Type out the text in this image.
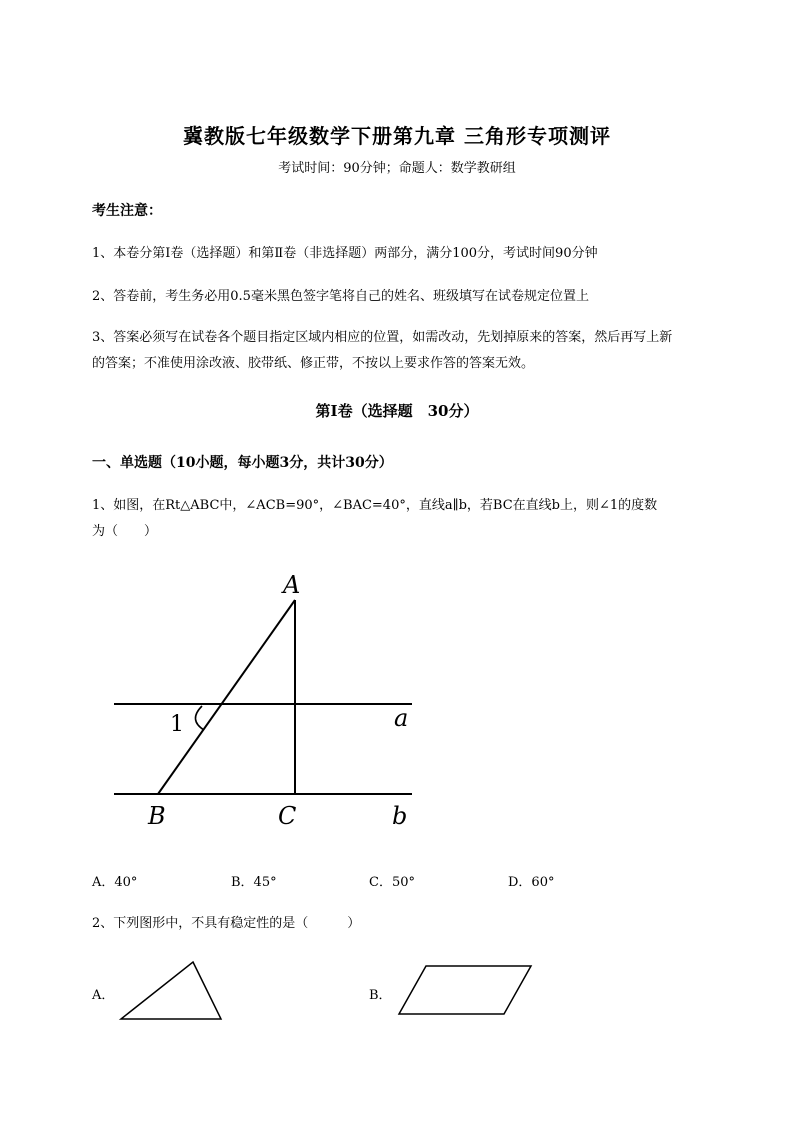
冀教版七年级数学下册第九章 三角形专项测评
考试时间：90分钟；命题人：数学教研组
考生注意：
1、本卷分第I卷（选择题）和第Ⅱ卷（非选择题）两部分，满分100分，考试时间90分钟
2、答卷前，考生务必用0.5毫米黑色签字笔将自己的姓名、班级填写在试卷规定位置上
3、答案必须写在试卷各个题目指定区域内相应的位置，如需改动，先划掉原来的答案，然后再写上新
的答案；不准使用涂改液、胶带纸、修正带，不按以上要求作答的答案无效。
第I卷（选择题　30分）
一、单选题（10小题，每小题3分，共计30分）
1、如图，在Rt△ABC中，∠ACB=90°，∠BAC=40°，直线a∥b，若BC在直线b上，则∠1的度数
为（　　）
A
B	C
a
b
1
A．40°	B．45°	C．50°	D．60°
2、下列图形中，不具有稳定性的是（　　　）
A．	B．
